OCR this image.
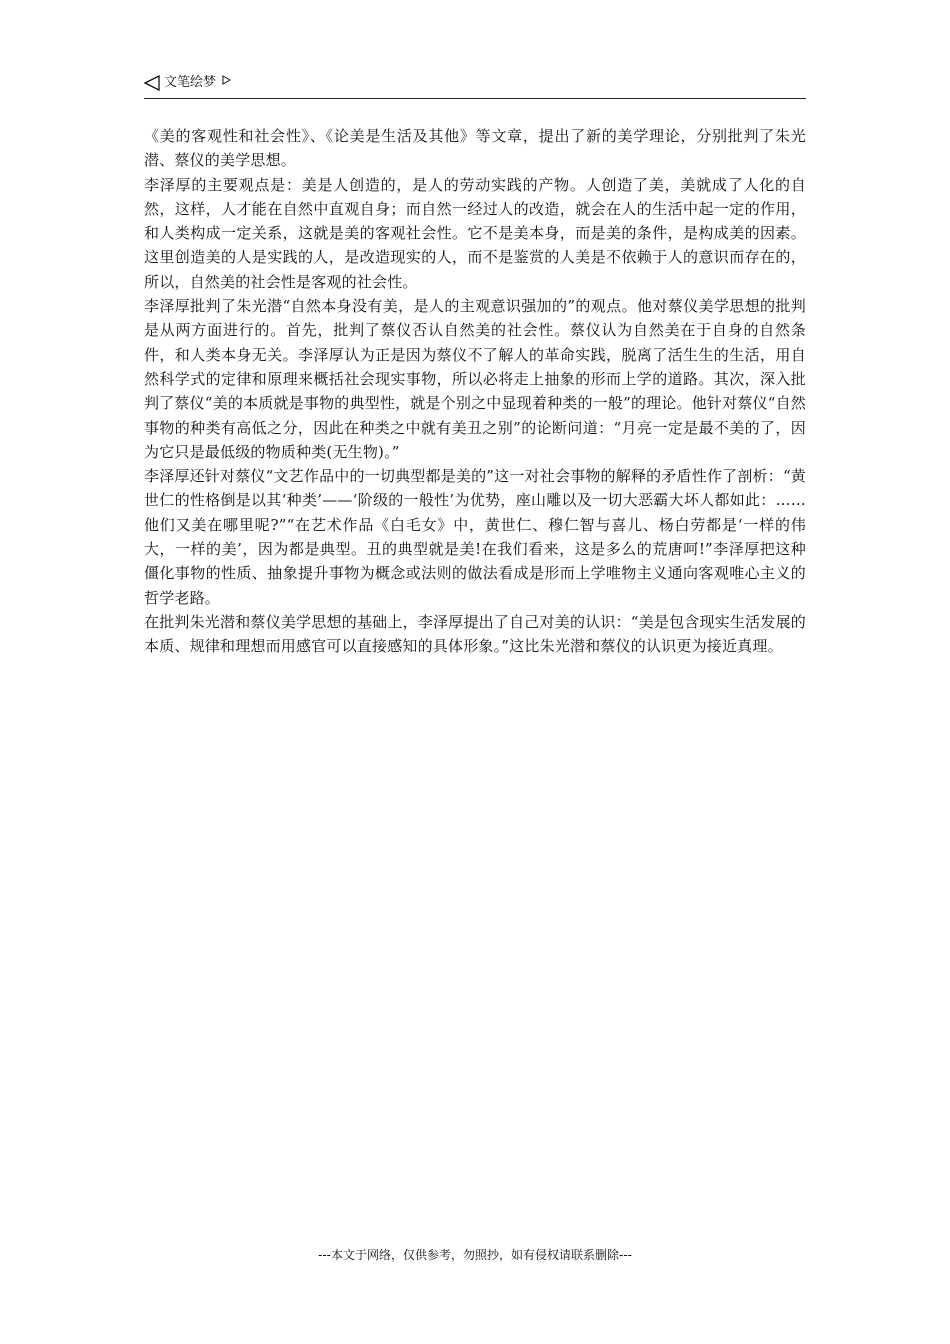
文笔绘梦

《美的客观性和社会性》、《论美是生活及其他》等文章，提出了新的美学理论，分别批判了朱光潜、蔡仪的美学思想。

李泽厚的主要观点是：美是人创造的，是人的劳动实践的产物。人创造了美，美就成了人化的自然，这样，人才能在自然中直观自身；而自然一经过人的改造，就会在人的生活中起一定的作用，和人类构成一定关系，这就是美的客观社会性。它不是美本身，而是美的条件，是构成美的因素。这里创造美的人是实践的人，是改造现实的人，而不是鉴赏的人美是不依赖于人的意识而存在的，所以，自然美的社会性是客观的社会性。

李泽厚批判了朱光潜“自然本身没有美，是人的主观意识强加的”的观点。他对蔡仪美学思想的批判是从两方面进行的。首先，批判了蔡仪否认自然美的社会性。蔡仪认为自然美在于自身的自然条件，和人类本身无关。李泽厚认为正是因为蔡仪不了解人的革命实践，脱离了活生生的生活，用自然科学式的定律和原理来概括社会现实事物，所以必将走上抽象的形而上学的道路。其次，深入批判了蔡仪“美的本质就是事物的典型性，就是个别之中显现着种类的一般”的理论。他针对蔡仪“自然事物的种类有高低之分，因此在种类之中就有美丑之别”的论断问道：“月亮一定是最不美的了，因为它只是最低级的物质种类(无生物)。”

李泽厚还针对蔡仪“文艺作品中的一切典型都是美的”这一对社会事物的解释的矛盾性作了剖析：“黄世仁的性格倒是以其‘种类’——‘阶级的一般性’为优势，座山雕以及一切大恶霸大坏人都如此：……他们又美在哪里呢?”“在艺术作品《白毛女》中，黄世仁、穆仁智与喜儿、杨白劳都是‘一样的伟大，一样的美’，因为都是典型。丑的典型就是美!在我们看来，这是多么的荒唐呵!”李泽厚把这种僵化事物的性质、抽象提升事物为概念或法则的做法看成是形而上学唯物主义通向客观唯心主义的哲学老路。

在批判朱光潜和蔡仪美学思想的基础上，李泽厚提出了自己对美的认识：“美是包含现实生活发展的本质、规律和理想而用感官可以直接感知的具体形象。”这比朱光潜和蔡仪的认识更为接近真理。

---本文于网络，仅供参考，勿照抄，如有侵权请联系删除---
